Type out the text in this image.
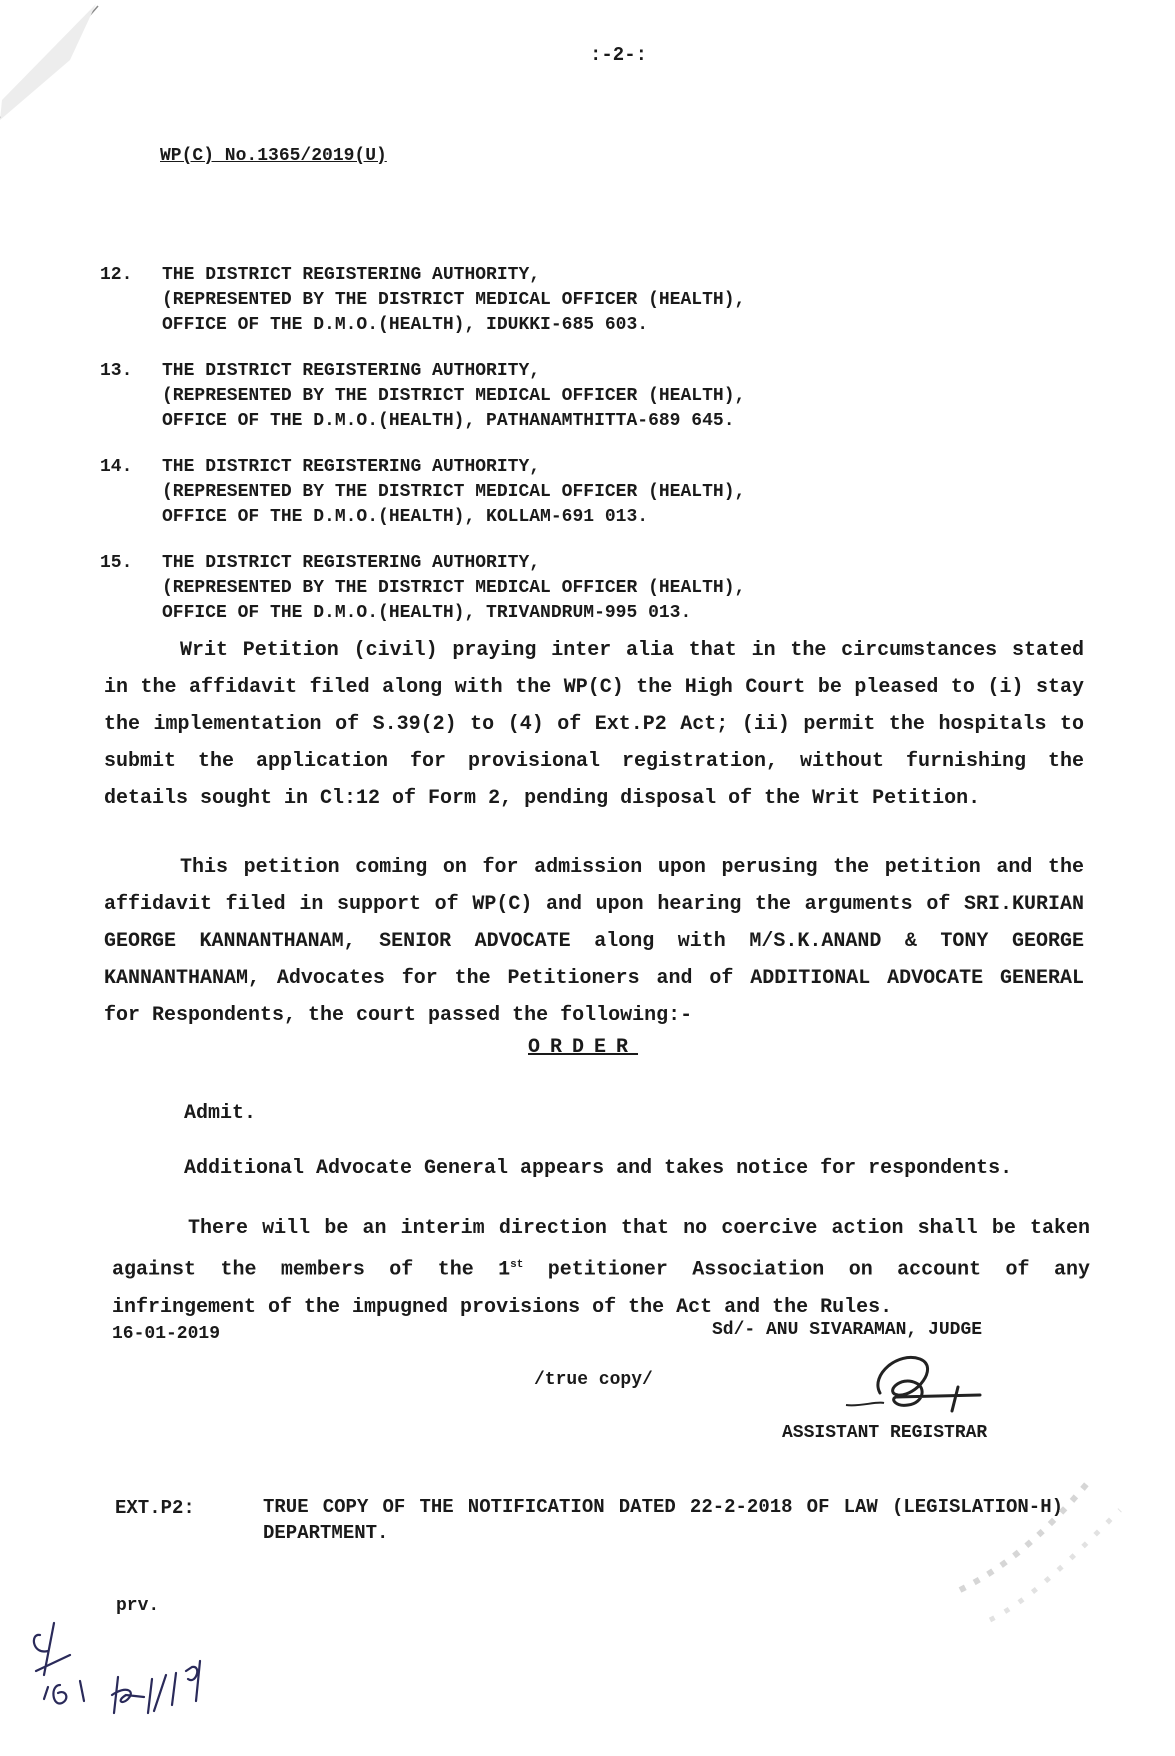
:-2-:
WP(C) No.1365/2019(U)
12. THE DISTRICT REGISTERING AUTHORITY,
(REPRESENTED BY THE DISTRICT MEDICAL OFFICER (HEALTH),
OFFICE OF THE D.M.O.(HEALTH), IDUKKI-685 603.
13. THE DISTRICT REGISTERING AUTHORITY,
(REPRESENTED BY THE DISTRICT MEDICAL OFFICER (HEALTH),
OFFICE OF THE D.M.O.(HEALTH), PATHANAMTHITTA-689 645.
14. THE DISTRICT REGISTERING AUTHORITY,
(REPRESENTED BY THE DISTRICT MEDICAL OFFICER (HEALTH),
OFFICE OF THE D.M.O.(HEALTH), KOLLAM-691 013.
15. THE DISTRICT REGISTERING AUTHORITY,
(REPRESENTED BY THE DISTRICT MEDICAL OFFICER (HEALTH),
OFFICE OF THE D.M.O.(HEALTH), TRIVANDRUM-995 013.
Writ Petition (civil) praying inter alia that in the circumstances stated in the affidavit filed along with the WP(C) the High Court be pleased to (i) stay the implementation of S.39(2) to (4) of Ext.P2 Act; (ii) permit the hospitals to submit the application for provisional registration, without furnishing the details sought in Cl:12 of Form 2, pending disposal of the Writ Petition.
This petition coming on for admission upon perusing the petition and the affidavit filed in support of WP(C) and upon hearing the arguments of SRI.KURIAN GEORGE KANNANTHANAM, SENIOR ADVOCATE along with M/S.K.ANAND & TONY GEORGE KANNANTHANAM, Advocates for the Petitioners and of ADDITIONAL ADVOCATE GENERAL for Respondents, the court passed the following:-
ORDER
Admit.
Additional Advocate General appears and takes notice for respondents.
There will be an interim direction that no coercive action shall be taken against the members of the 1st petitioner Association on account of any infringement of the impugned provisions of the Act and the Rules.
16-01-2019	Sd/- ANU SIVARAMAN, JUDGE
/true copy/
ASSISTANT REGISTRAR
EXT.P2:	TRUE COPY OF THE NOTIFICATION DATED 22-2-2018 OF LAW (LEGISLATION-H) DEPARTMENT.
prv.
